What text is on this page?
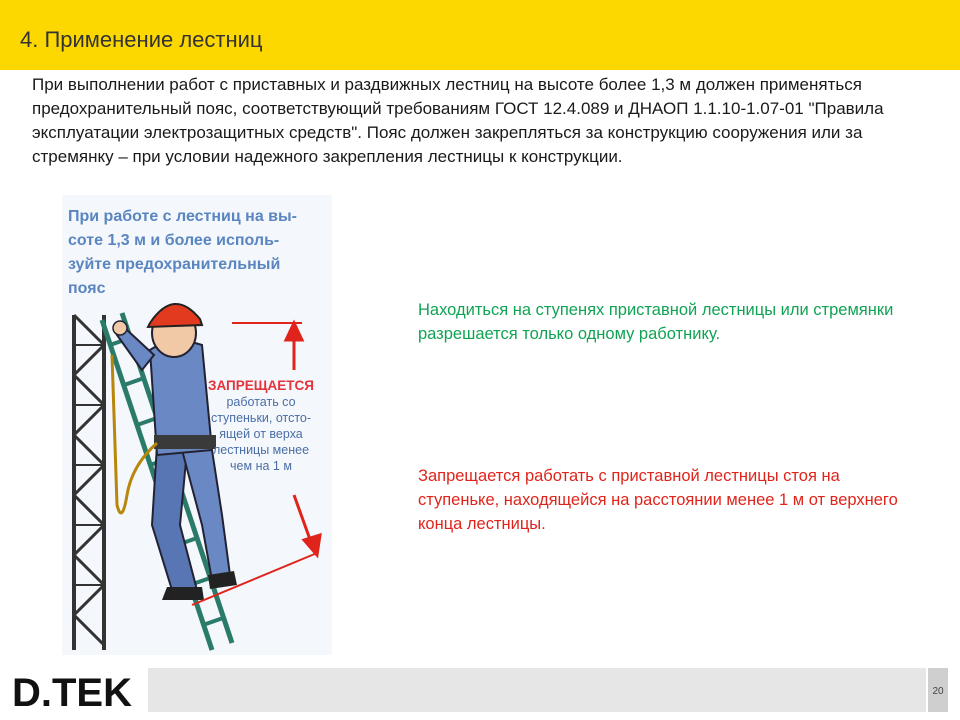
4. Применение лестниц
При выполнении работ с приставных и раздвижных лестниц на высоте более 1,3 м должен применяться предохранительный пояс, соответствующий требованиям ГОСТ 12.4.089 и ДНАОП 1.1.10-1.07-01 "Правила эксплуатации электрозащитных средств". Пояс должен закрепляться за конструкцию сооружения или за стремянку – при условии надежного закрепления лестницы к конструкции.
При работе с лестниц на вы-
соте 1,3 м и более исполь-
зуйте предохранительный
пояс
ЗАПРЕЩАЕТСЯ
работать со
ступеньки, отсто-
ящей от верха
лестницы менее
чем на 1 м
Находиться на ступенях приставной лестницы или стремянки разрешается только одному работнику.
Запрещается работать с приставной лестницы стоя на ступеньке, находящейся на расстоянии менее 1 м от верхнего конца лестницы.
D.TEK	20
